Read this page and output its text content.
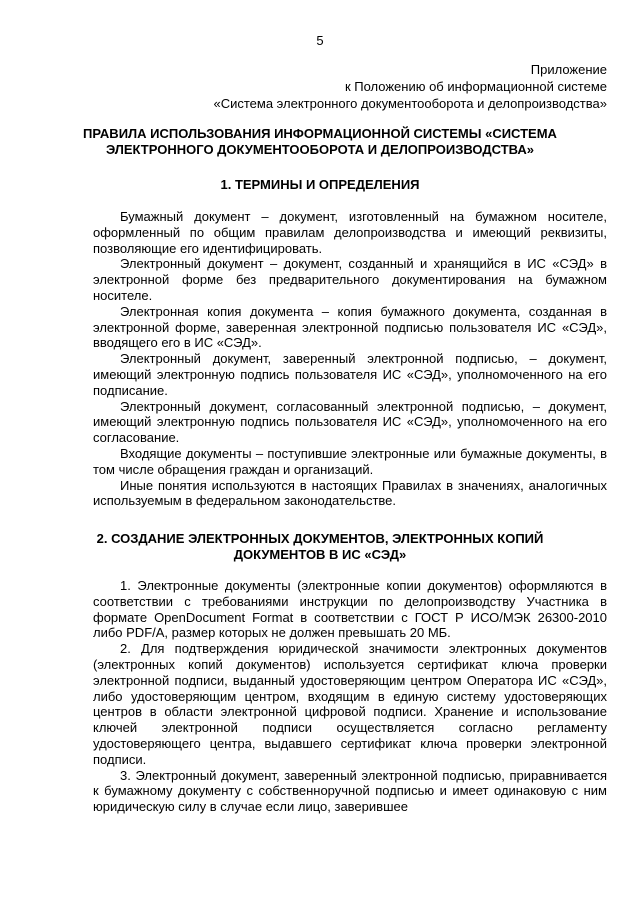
5
Приложение
к Положению об информационной системе
«Система электронного документооборота и делопроизводства»
ПРАВИЛА ИСПОЛЬЗОВАНИЯ ИНФОРМАЦИОННОЙ СИСТЕМЫ «СИСТЕМА
ЭЛЕКТРОННОГО ДОКУМЕНТООБОРОТА И ДЕЛОПРОИЗВОДСТВА»
1. ТЕРМИНЫ И ОПРЕДЕЛЕНИЯ

Бумажный документ – документ, изготовленный на бумажном носителе, оформленный по общим правилам делопроизводства и имеющий реквизиты, позволяющие его идентифицировать.

Электронный документ – документ, созданный и хранящийся в ИС «СЭД» в электронной форме без предварительного документирования на бумажном носителе.

Электронная копия документа – копия бумажного документа, созданная в электронной форме, заверенная электронной подписью пользователя ИС «СЭД», вводящего его в ИС «СЭД».

Электронный документ, заверенный электронной подписью, – документ, имеющий электронную подпись пользователя ИС «СЭД», уполномоченного на его подписание.

Электронный документ, согласованный электронной подписью, – документ, имеющий электронную подпись пользователя ИС «СЭД», уполномоченного на его согласование.

Входящие документы – поступившие электронные или бумажные документы, в том числе обращения граждан и организаций.

Иные понятия используются в настоящих Правилах в значениях, аналогичных используемым в федеральном законодательстве.

2. СОЗДАНИЕ ЭЛЕКТРОННЫХ ДОКУМЕНТОВ, ЭЛЕКТРОННЫХ КОПИЙ
ДОКУМЕНТОВ В ИС «СЭД»

1. Электронные документы (электронные копии документов) оформляются в соответствии с требованиями инструкции по делопроизводству Участника в формате OpenDocument Format в соответствии с ГОСТ Р ИСО/МЭК 26300-2010 либо PDF/A, размер которых не должен превышать 20 МБ.

2. Для подтверждения юридической значимости электронных документов (электронных копий документов) используется сертификат ключа проверки электронной подписи, выданный удостоверяющим центром Оператора ИС «СЭД», либо удостоверяющим центром, входящим в единую систему удостоверяющих центров в области электронной цифровой подписи. Хранение и использование ключей электронной подписи осуществляется согласно регламенту удостоверяющего центра, выдавшего сертификат ключа проверки электронной подписи.

3. Электронный документ, заверенный электронной подписью, приравнивается к бумажному документу с собственноручной подписью и имеет одинаковую с ним юридическую силу в случае если лицо, заверившее
